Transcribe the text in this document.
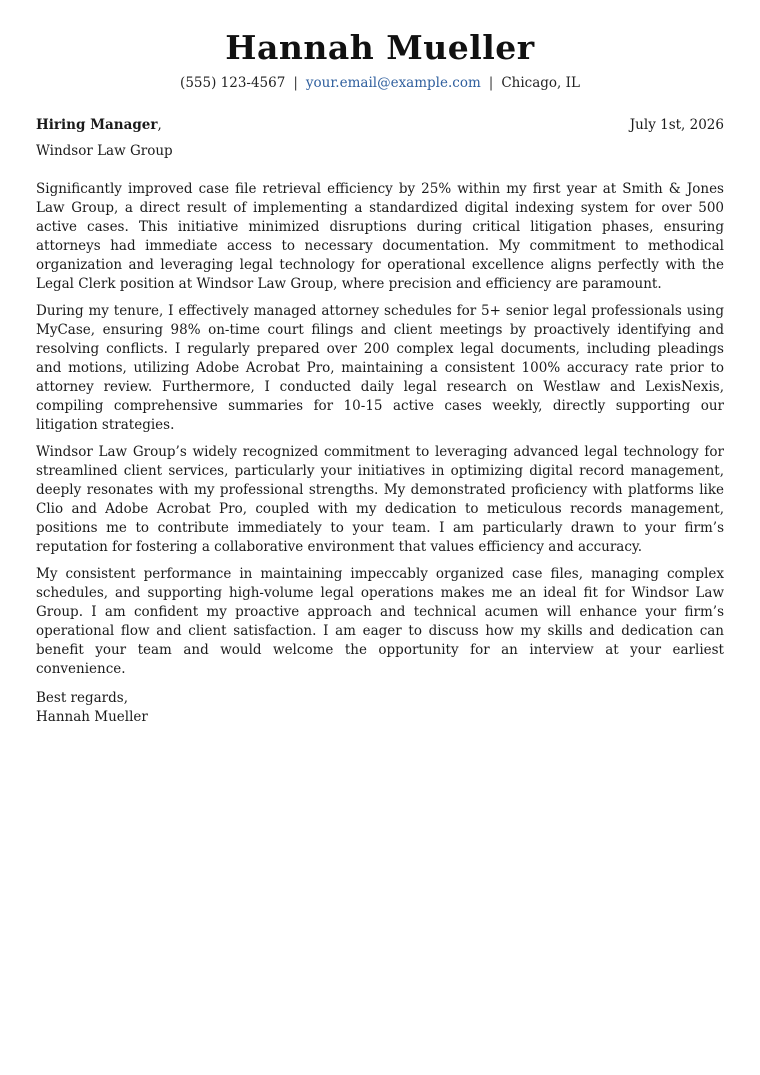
Hannah Mueller
(555) 123-4567 | your.email@example.com | Chicago, IL
Hiring Manager,	July 1st, 2026
Windsor Law Group

Significantly improved case file retrieval efficiency by 25% within my first year at Smith & Jones Law Group, a direct result of implementing a standardized digital indexing system for over 500 active cases. This initiative minimized disruptions during critical litigation phases, ensuring attorneys had immediate access to necessary documentation. My commitment to methodical organization and leveraging legal technology for operational excellence aligns perfectly with the Legal Clerk position at Windsor Law Group, where precision and efficiency are paramount.

During my tenure, I effectively managed attorney schedules for 5+ senior legal professionals using MyCase, ensuring 98% on-time court filings and client meetings by proactively identifying and resolving conflicts. I regularly prepared over 200 complex legal documents, including pleadings and motions, utilizing Adobe Acrobat Pro, maintaining a consistent 100% accuracy rate prior to attorney review. Furthermore, I conducted daily legal research on Westlaw and LexisNexis, compiling comprehensive summaries for 10-15 active cases weekly, directly supporting our litigation strategies.

Windsor Law Group’s widely recognized commitment to leveraging advanced legal technology for streamlined client services, particularly your initiatives in optimizing digital record management, deeply resonates with my professional strengths. My demonstrated proficiency with platforms like Clio and Adobe Acrobat Pro, coupled with my dedication to meticulous records management, positions me to contribute immediately to your team. I am particularly drawn to your firm’s reputation for fostering a collaborative environment that values efficiency and accuracy.

My consistent performance in maintaining impeccably organized case files, managing complex schedules, and supporting high-volume legal operations makes me an ideal fit for Windsor Law Group. I am confident my proactive approach and technical acumen will enhance your firm’s operational flow and client satisfaction. I am eager to discuss how my skills and dedication can benefit your team and would welcome the opportunity for an interview at your earliest convenience.

Best regards,
Hannah Mueller
